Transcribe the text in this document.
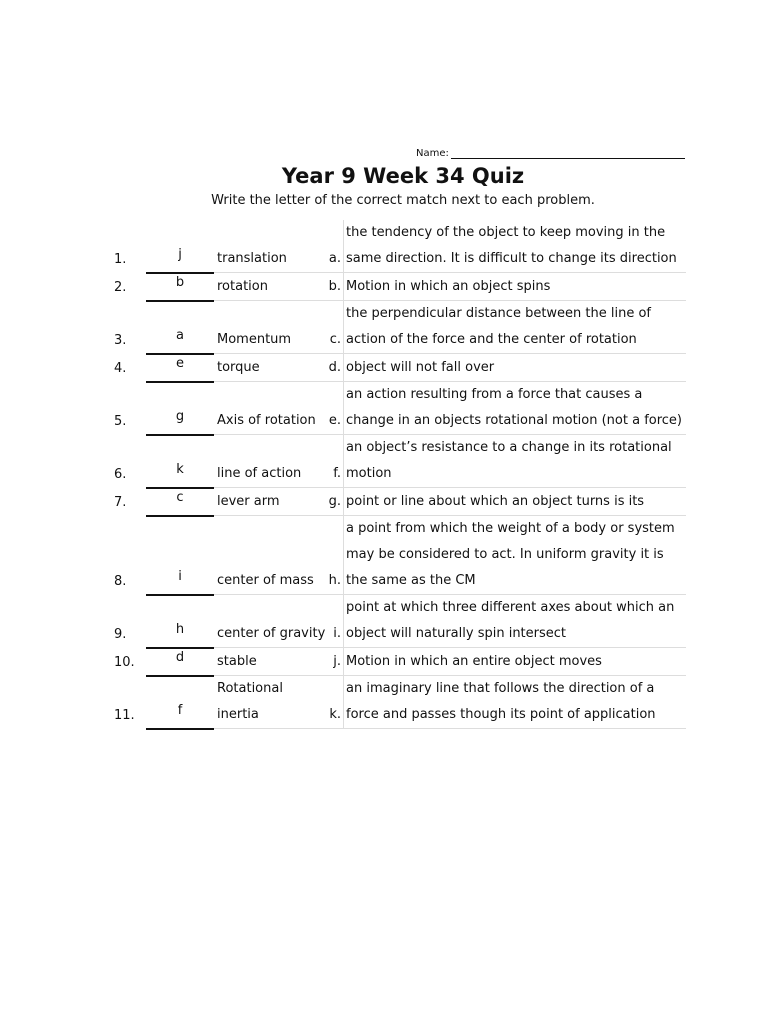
Name:
Year 9 Week 34 Quiz
Write the letter of the correct match next to each problem.
1.	j	translation	a.	the tendency of the object to keep moving in the same direction. It is difficult to change its direction
2.	b	rotation	b.	Motion in which an object spins
3.	a	Momentum	c.	the perpendicular distance between the line of action of the force and the center of rotation
4.	e	torque	d.	object will not fall over
5.	g	Axis of rotation	e.	an action resulting from a force that causes a change in an objects rotational motion (not a force)
6.	k	line of action	f.	an object’s resistance to a change in its rotational motion
7.	c	lever arm	g.	point or line about which an object turns is its
8.	i	center of mass	h.	a point from which the weight of a body or system may be considered to act. In uniform gravity it is the same as the CM
9.	h	center of gravity	i.	point at which three different axes about which an object will naturally spin intersect
10.	d	stable	j.	Motion in which an entire object moves
11.	f	Rotational inertia	k.	an imaginary line that follows the direction of a force and passes though its point of application
